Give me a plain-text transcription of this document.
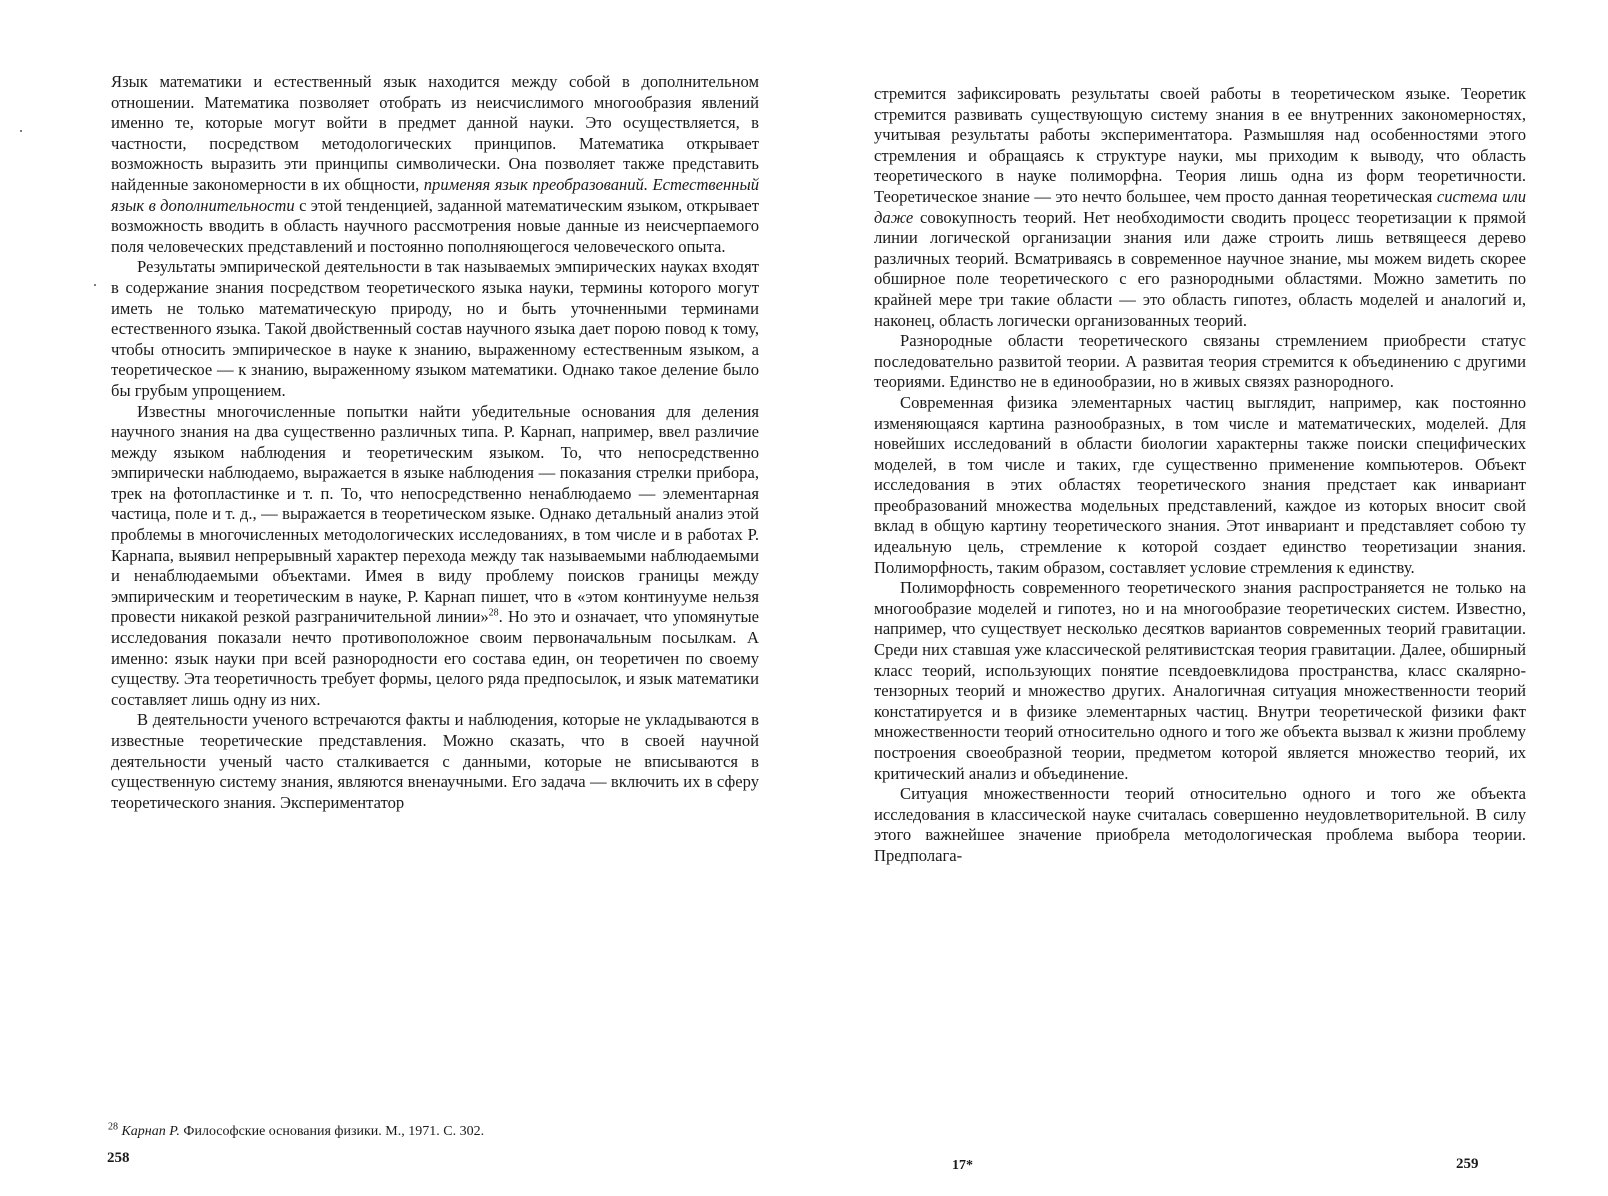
Язык математики и естественный язык находится между собой в дополнительном отношении. Математика позволяет отобрать из неисчислимого многообразия явлений именно те, которые могут войти в предмет данной науки. Это осуществляется, в частности, посредством методологических принципов. Математика открывает возможность выразить эти принципы символически. Она позволяет также представить найденные закономерности в их общности, применяя язык преобразований. Естественный язык в дополнительности с этой тенденцией, заданной математическим языком, открывает возможность вводить в область научного рассмотрения новые данные из неисчерпаемого поля человеческих представлений и постоянно пополняющегося человеческого опыта.

Результаты эмпирической деятельности в так называемых эмпирических науках входят в содержание знания посредством теоретического языка науки, термины которого могут иметь не только математическую природу, но и быть уточненными терминами естественного языка. Такой двойственный состав научного языка дает порою повод к тому, чтобы относить эмпирическое в науке к знанию, выраженному естественным языком, а теоретическое — к знанию, выраженному языком математики. Однако такое деление было бы грубым упрощением.

Известны многочисленные попытки найти убедительные основания для деления научного знания на два существенно различных типа. Р. Карнап, например, ввел различие между языком наблюдения и теоретическим языком. То, что непосредственно эмпирически наблюдаемо, выражается в языке наблюдения — показания стрелки прибора, трек на фотопластинке и т. п. То, что непосредственно ненаблюдаемо — элементарная частица, поле и т. д., — выражается в теоретическом языке. Однако детальный анализ этой проблемы в многочисленных методологических исследованиях, в том числе и в работах Р. Карнапа, выявил непрерывный характер перехода между так называемыми наблюдаемыми и ненаблюдаемыми объектами. Имея в виду проблему поисков границы между эмпирическим и теоретическим в науке, Р. Карнап пишет, что в «этом континууме нельзя провести никакой резкой разграничительной линии»$^{28}$. Но это и означает, что упомянутые исследования показали нечто противоположное своим первоначальным посылкам. А именно: язык науки при всей разнородности его состава един, он теоретичен по своему существу. Эта теоретичность требует формы, целого ряда предпосылок, и язык математики составляет лишь одну из них.

В деятельности ученого встречаются факты и наблюдения, которые не укладываются в известные теоретические представления. Можно сказать, что в своей научной деятельности ученый часто сталкивается с данными, которые не вписываются в существенную систему знания, являются вненаучными. Его задача — включить их в сферу теоретического знания. Экспериментатор

$^{28}$ Карнап Р. Философские основания физики. М., 1971. С. 302.
258

стремится зафиксировать результаты своей работы в теоретическом языке. Теоретик стремится развивать существующую систему знания в ее внутренних закономерностях, учитывая результаты работы экспериментатора. Размышляя над особенностями этого стремления и обращаясь к структуре науки, мы приходим к выводу, что область теоретического в науке полиморфна. Теория лишь одна из форм теоретичности. Теоретическое знание — это нечто большее, чем просто данная теоретическая система или даже совокупность теорий. Нет необходимости сводить процесс теоретизации к прямой линии логической организации знания или даже строить лишь ветвящееся дерево различных теорий. Всматриваясь в современное научное знание, мы можем видеть скорее обширное поле теоретического с его разнородными областями. Можно заметить по крайней мере три такие области — это область гипотез, область моделей и аналогий и, наконец, область логически организованных теорий.

Разнородные области теоретического связаны стремлением приобрести статус последовательно развитой теории. А развитая теория стремится к объединению с другими теориями. Единство не в единообразии, но в живых связях разнородного.

Современная физика элементарных частиц выглядит, например, как постоянно изменяющаяся картина разнообразных, в том числе и математических, моделей. Для новейших исследований в области биологии характерны также поиски специфических моделей, в том числе и таких, где существенно применение компьютеров. Объект исследования в этих областях теоретического знания предстает как инвариант преобразований множества модельных представлений, каждое из которых вносит свой вклад в общую картину теоретического знания. Этот инвариант и представляет собою ту идеальную цель, стремление к которой создает единство теоретизации знания. Полиморфность, таким образом, составляет условие стремления к единству.

Полиморфность современного теоретического знания распространяется не только на многообразие моделей и гипотез, но и на многообразие теоретических систем. Известно, например, что существует несколько десятков вариантов современных теорий гравитации. Среди них ставшая уже классической релятивистская теория гравитации. Далее, обширный класс теорий, использующих понятие псевдоевклидова пространства, класс скалярно-тензорных теорий и множество других. Аналогичная ситуация множественности теорий констатируется и в физике элементарных частиц. Внутри теоретической физики факт множественности теорий относительно одного и того же объекта вызвал к жизни проблему построения своеобразной теории, предметом которой является множество теорий, их критический анализ и объединение.

Ситуация множественности теорий относительно одного и того же объекта исследования в классической науке считалась совершенно неудовлетворительной. В силу этого важнейшее значение приобрела методологическая проблема выбора теории. Предполага-

17*	259
